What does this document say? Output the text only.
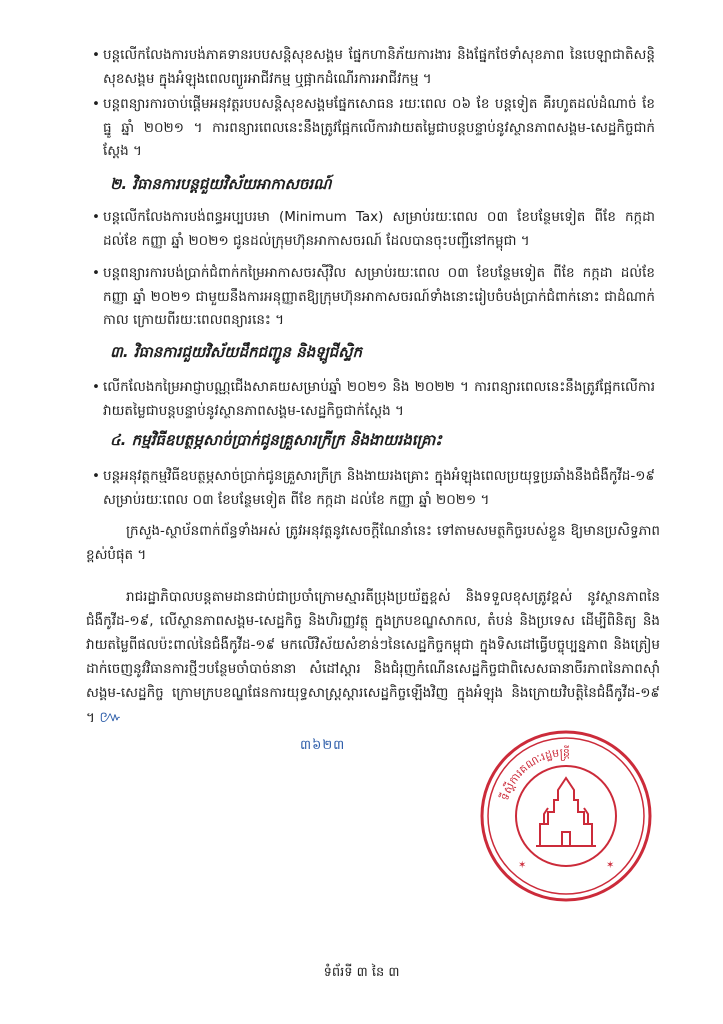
• បន្តលើកលែងការបង់ភាគទានរបបសន្តិសុខសង្គម ផ្នែកហានិភ័យការងារ និងផ្នែកថែទាំសុខភាព នៃបេឡាជាតិសន្តិសុខសង្គម ក្នុងអំឡុងពេលព្យួរអាជីវកម្ម ឬផ្អាកដំណើរការអាជីវកម្ម ។
• បន្តពន្យារការចាប់ផ្តើមអនុវត្តរបបសន្តិសុខសង្គមផ្នែកសោធន រយៈពេល ០៦ ខែ បន្តទៀត គឺរហូតដល់ដំណាច់ ខែ ធ្នូ ឆ្នាំ ២០២១ ។ ការពន្យារពេលនេះនឹងត្រូវផ្អែកលើការវាយតម្លៃជាបន្តបន្ទាប់នូវស្ថានភាពសង្គម-សេដ្ឋកិច្ចជាក់ស្តែង ។
២. វិធានការបន្តជួយវិស័យអាកាសចរណ៍
• បន្តលើកលែងការបង់ពន្ធអប្បបរមា (Minimum Tax) សម្រាប់រយៈពេល ០៣ ខែបន្ថែមទៀត ពីខែ កក្កដា ដល់ខែ កញ្ញា ឆ្នាំ ២០២១ ជូនដល់ក្រុមហ៊ុនអាកាសចរណ៍ ដែលបានចុះបញ្ជីនៅកម្ពុជា ។
• បន្តពន្យារការបង់ប្រាក់ជំពាក់កម្រៃអាកាសចរស៊ីវិល សម្រាប់រយៈពេល ០៣ ខែបន្ថែមទៀត ពីខែ កក្កដា ដល់ខែ កញ្ញា ឆ្នាំ ២០២១ ជាមួយនឹងការអនុញ្ញាតឱ្យក្រុមហ៊ុនអាកាសចរណ៍ទាំងនោះរៀបចំបង់ប្រាក់ជំពាក់នោះ ជាដំណាក់កាល ក្រោយពីរយៈពេលពន្យារនេះ ។
៣. វិធានការជួយវិស័យដឹកជញ្ជូន និងឡូជីស្ទិក
• លើកលែងកម្រៃអាជ្ញាបណ្ណជើងសាគយសម្រាប់ឆ្នាំ ២០២១ និង ២០២២ ។ ការពន្យារពេលនេះនឹងត្រូវផ្អែកលើការវាយតម្លៃជាបន្តបន្ទាប់នូវស្ថានភាពសង្គម-សេដ្ឋកិច្ចជាក់ស្តែង ។
៤. កម្មវិធីឧបត្ថម្ភសាច់ប្រាក់ជូនគ្រួសារក្រីក្រ និងងាយរងគ្រោះ
• បន្តអនុវត្តកម្មវិធីឧបត្ថម្ភសាច់ប្រាក់ជូនគ្រួសារក្រីក្រ និងងាយរងគ្រោះ ក្នុងអំឡុងពេលប្រយុទ្ធប្រឆាំងនឹងជំងឺកូវីដ-១៩ សម្រាប់រយៈពេល ០៣ ខែបន្ថែមទៀត ពីខែ កក្កដា ដល់ខែ កញ្ញា ឆ្នាំ ២០២១ ។
ក្រសួង-ស្ថាប័នពាក់ព័ន្ធទាំងអស់ ត្រូវអនុវត្តនូវសេចក្តីណែនាំនេះ ទៅតាមសមត្ថកិច្ចរបស់ខ្លួន ឱ្យមានប្រសិទ្ធភាពខ្ពស់បំផុត ។
រាជរដ្ឋាភិបាលបន្តតាមដានជាប់ជាប្រចាំក្រោមស្មារតីប្រុងប្រយ័ត្នខ្ពស់ និងទទួលខុសត្រូវខ្ពស់ នូវស្ថានភាពនៃជំងឺកូវីដ-១៩, លើស្ថានភាពសង្គម-សេដ្ឋកិច្ច និងហិរញ្ញវត្ថុ ក្នុងក្របខណ្ឌសាកល, តំបន់ និងប្រទេស ដើម្បីពិនិត្យ និងវាយតម្លៃពីផលប៉ះពាល់នៃជំងឺកូវីដ-១៩ មកលើវិស័យសំខាន់ៗនៃសេដ្ឋកិច្ចកម្ពុជា ក្នុងទិសដៅធ្វើបច្ចុប្បន្នភាព និងត្រៀមដាក់ចេញនូវវិធានការថ្មីៗបន្ថែមចាំបាច់នានា សំដៅស្តារ និងជំរុញកំណើនសេដ្ឋកិច្ចជាពិសេសធានាចីរភាពនៃភាពស៊ាំសង្គម-សេដ្ឋកិច្ច ក្រោមក្របខណ្ឌផែនការយុទ្ធសាស្ត្រស្តារសេដ្ឋកិច្ចឡើងវិញ ក្នុងអំឡុង និងក្រោយវិបត្តិនៃជំងឺកូវីដ-១៩ ។ ៚
៣៦២៣
ទីស្តីការគណៈរដ្ឋមន្ត្រី
✶	✶
ទំព័រទី ៣ នៃ ៣
